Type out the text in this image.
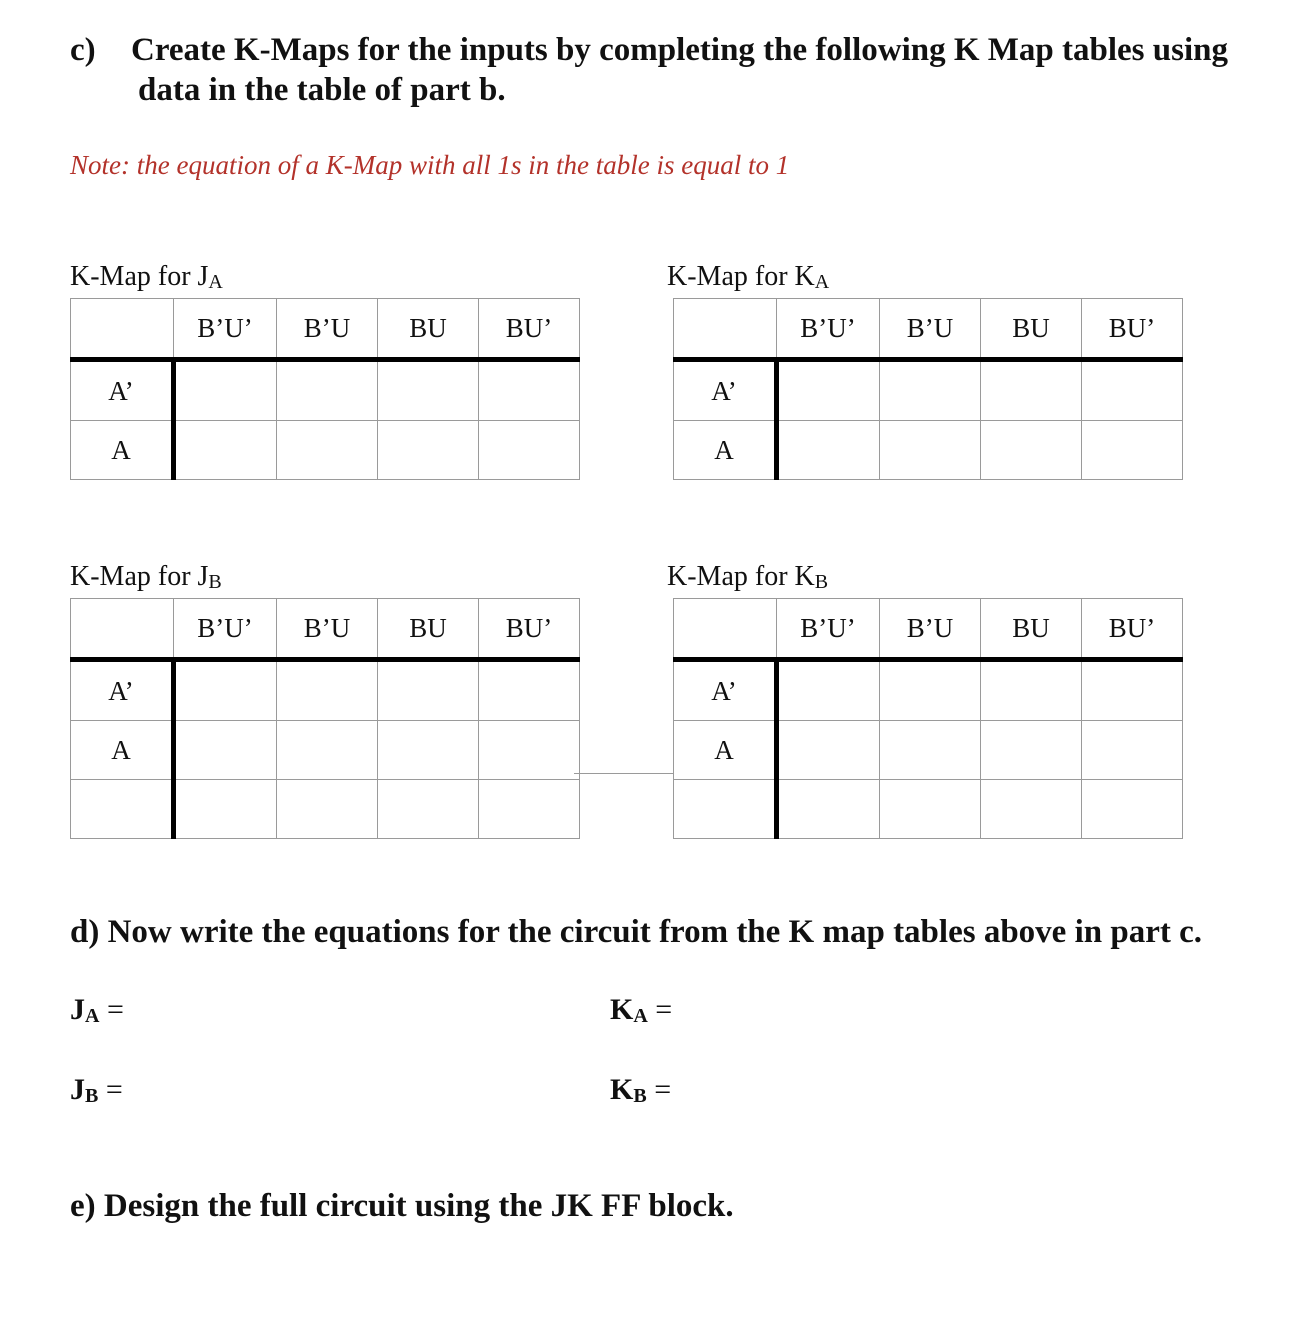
c) Create K-Maps for the inputs by completing the following K Map tables using
data in the table of part b.
Note: the equation of a K-Map with all 1s in the table is equal to 1
K-Map for $J_A$
	B’U’	B’U	BU	BU’
A’				
A				
K-Map for $K_A$
	B’U’	B’U	BU	BU’
A’				
A				
K-Map for $J_B$
	B’U’	B’U	BU	BU’
A’				
A				

K-Map for $K_B$
	B’U’	B’U	BU	BU’
A’				
A				

d) Now write the equations for the circuit from the K map tables above in part c.
$J_A$ =	$K_A$ =
$J_B$ =	$K_B$ =
e) Design the full circuit using the JK FF block.
